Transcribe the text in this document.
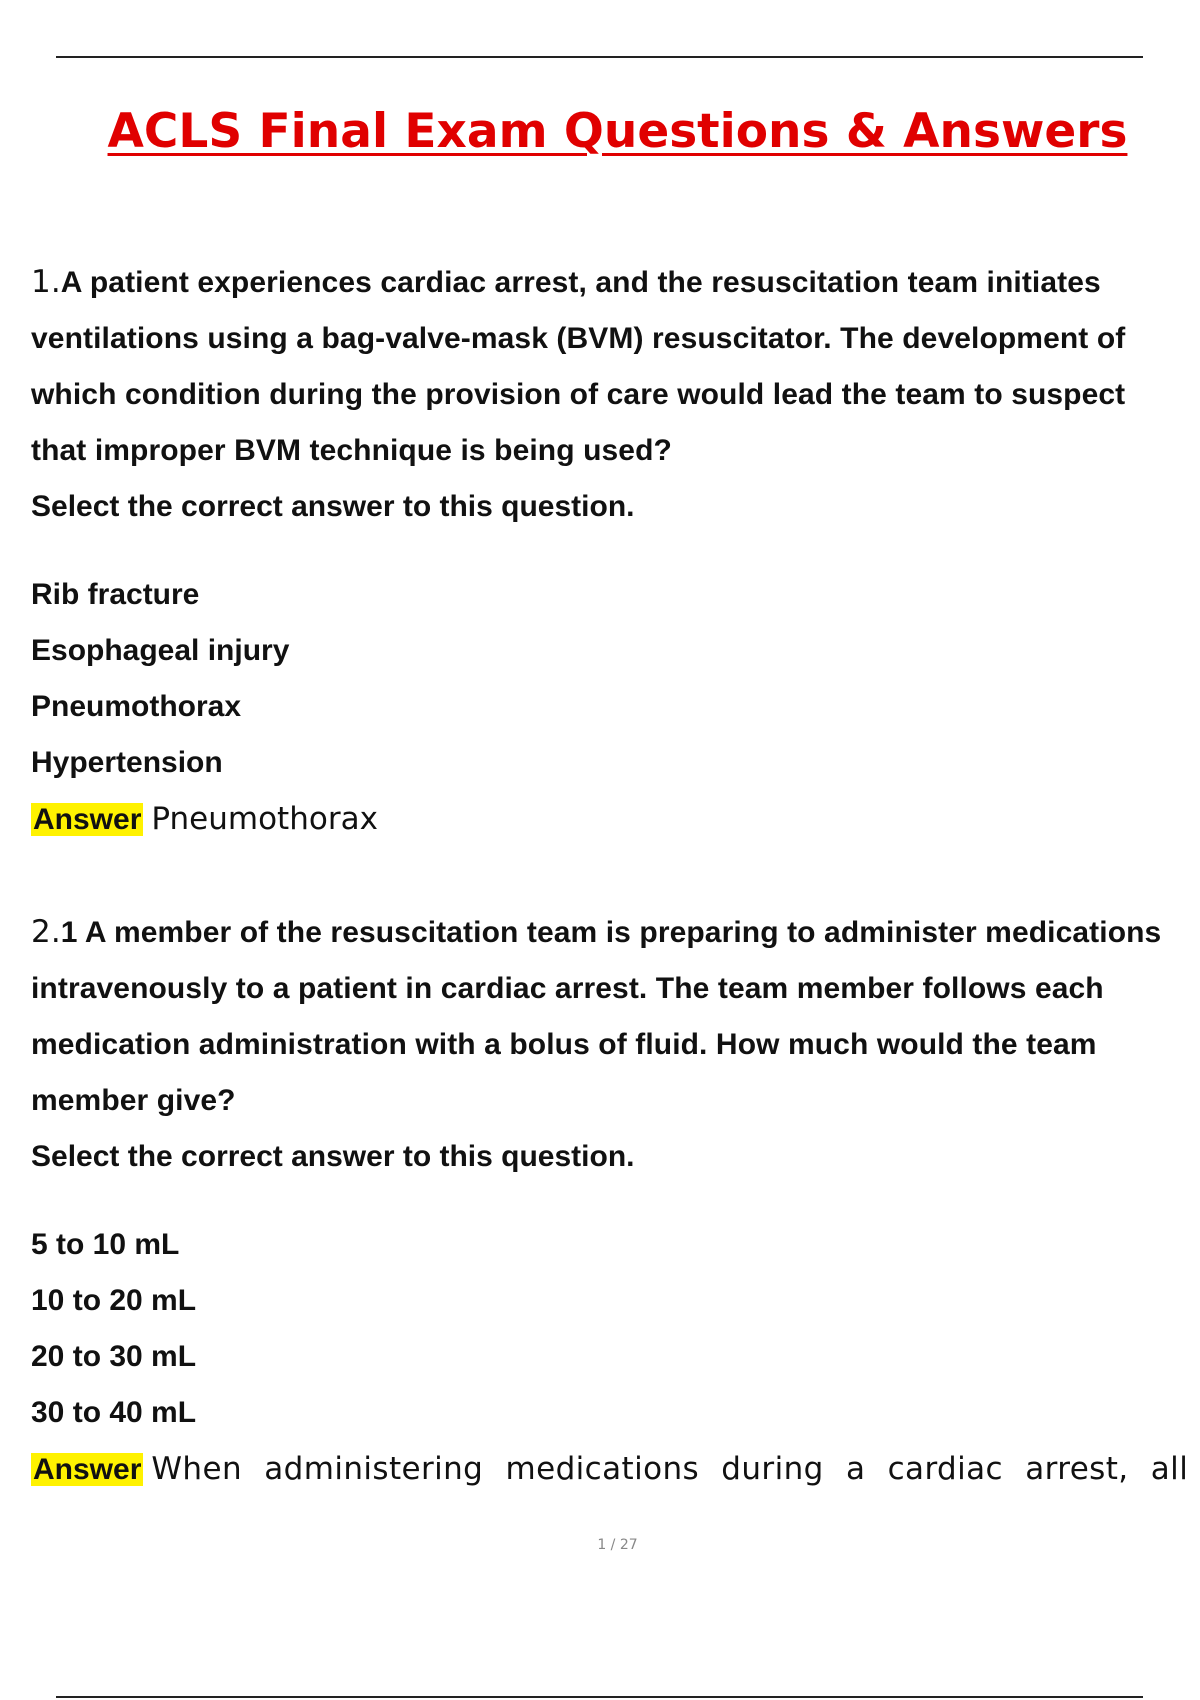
ACLS Final Exam Questions & Answers

1.A patient experiences cardiac arrest, and the resuscitation team initiates ventilations using a bag-valve-mask (BVM) resuscitator. The development of which condition during the provision of care would lead the team to suspect that improper BVM technique is being used?

Select the correct answer to this question.

Rib fracture
Esophageal injury
Pneumothorax
Hypertension
Answer Pneumothorax

2.1 A member of the resuscitation team is preparing to administer medications intravenously to a patient in cardiac arrest. The team member follows each medication administration with a bolus of fluid. How much would the team member give?

Select the correct answer to this question.

5 to 10 mL
10 to 20 mL
20 to 30 mL
30 to 40 mL
Answer When administering medications during a cardiac arrest, all
1 / 27
